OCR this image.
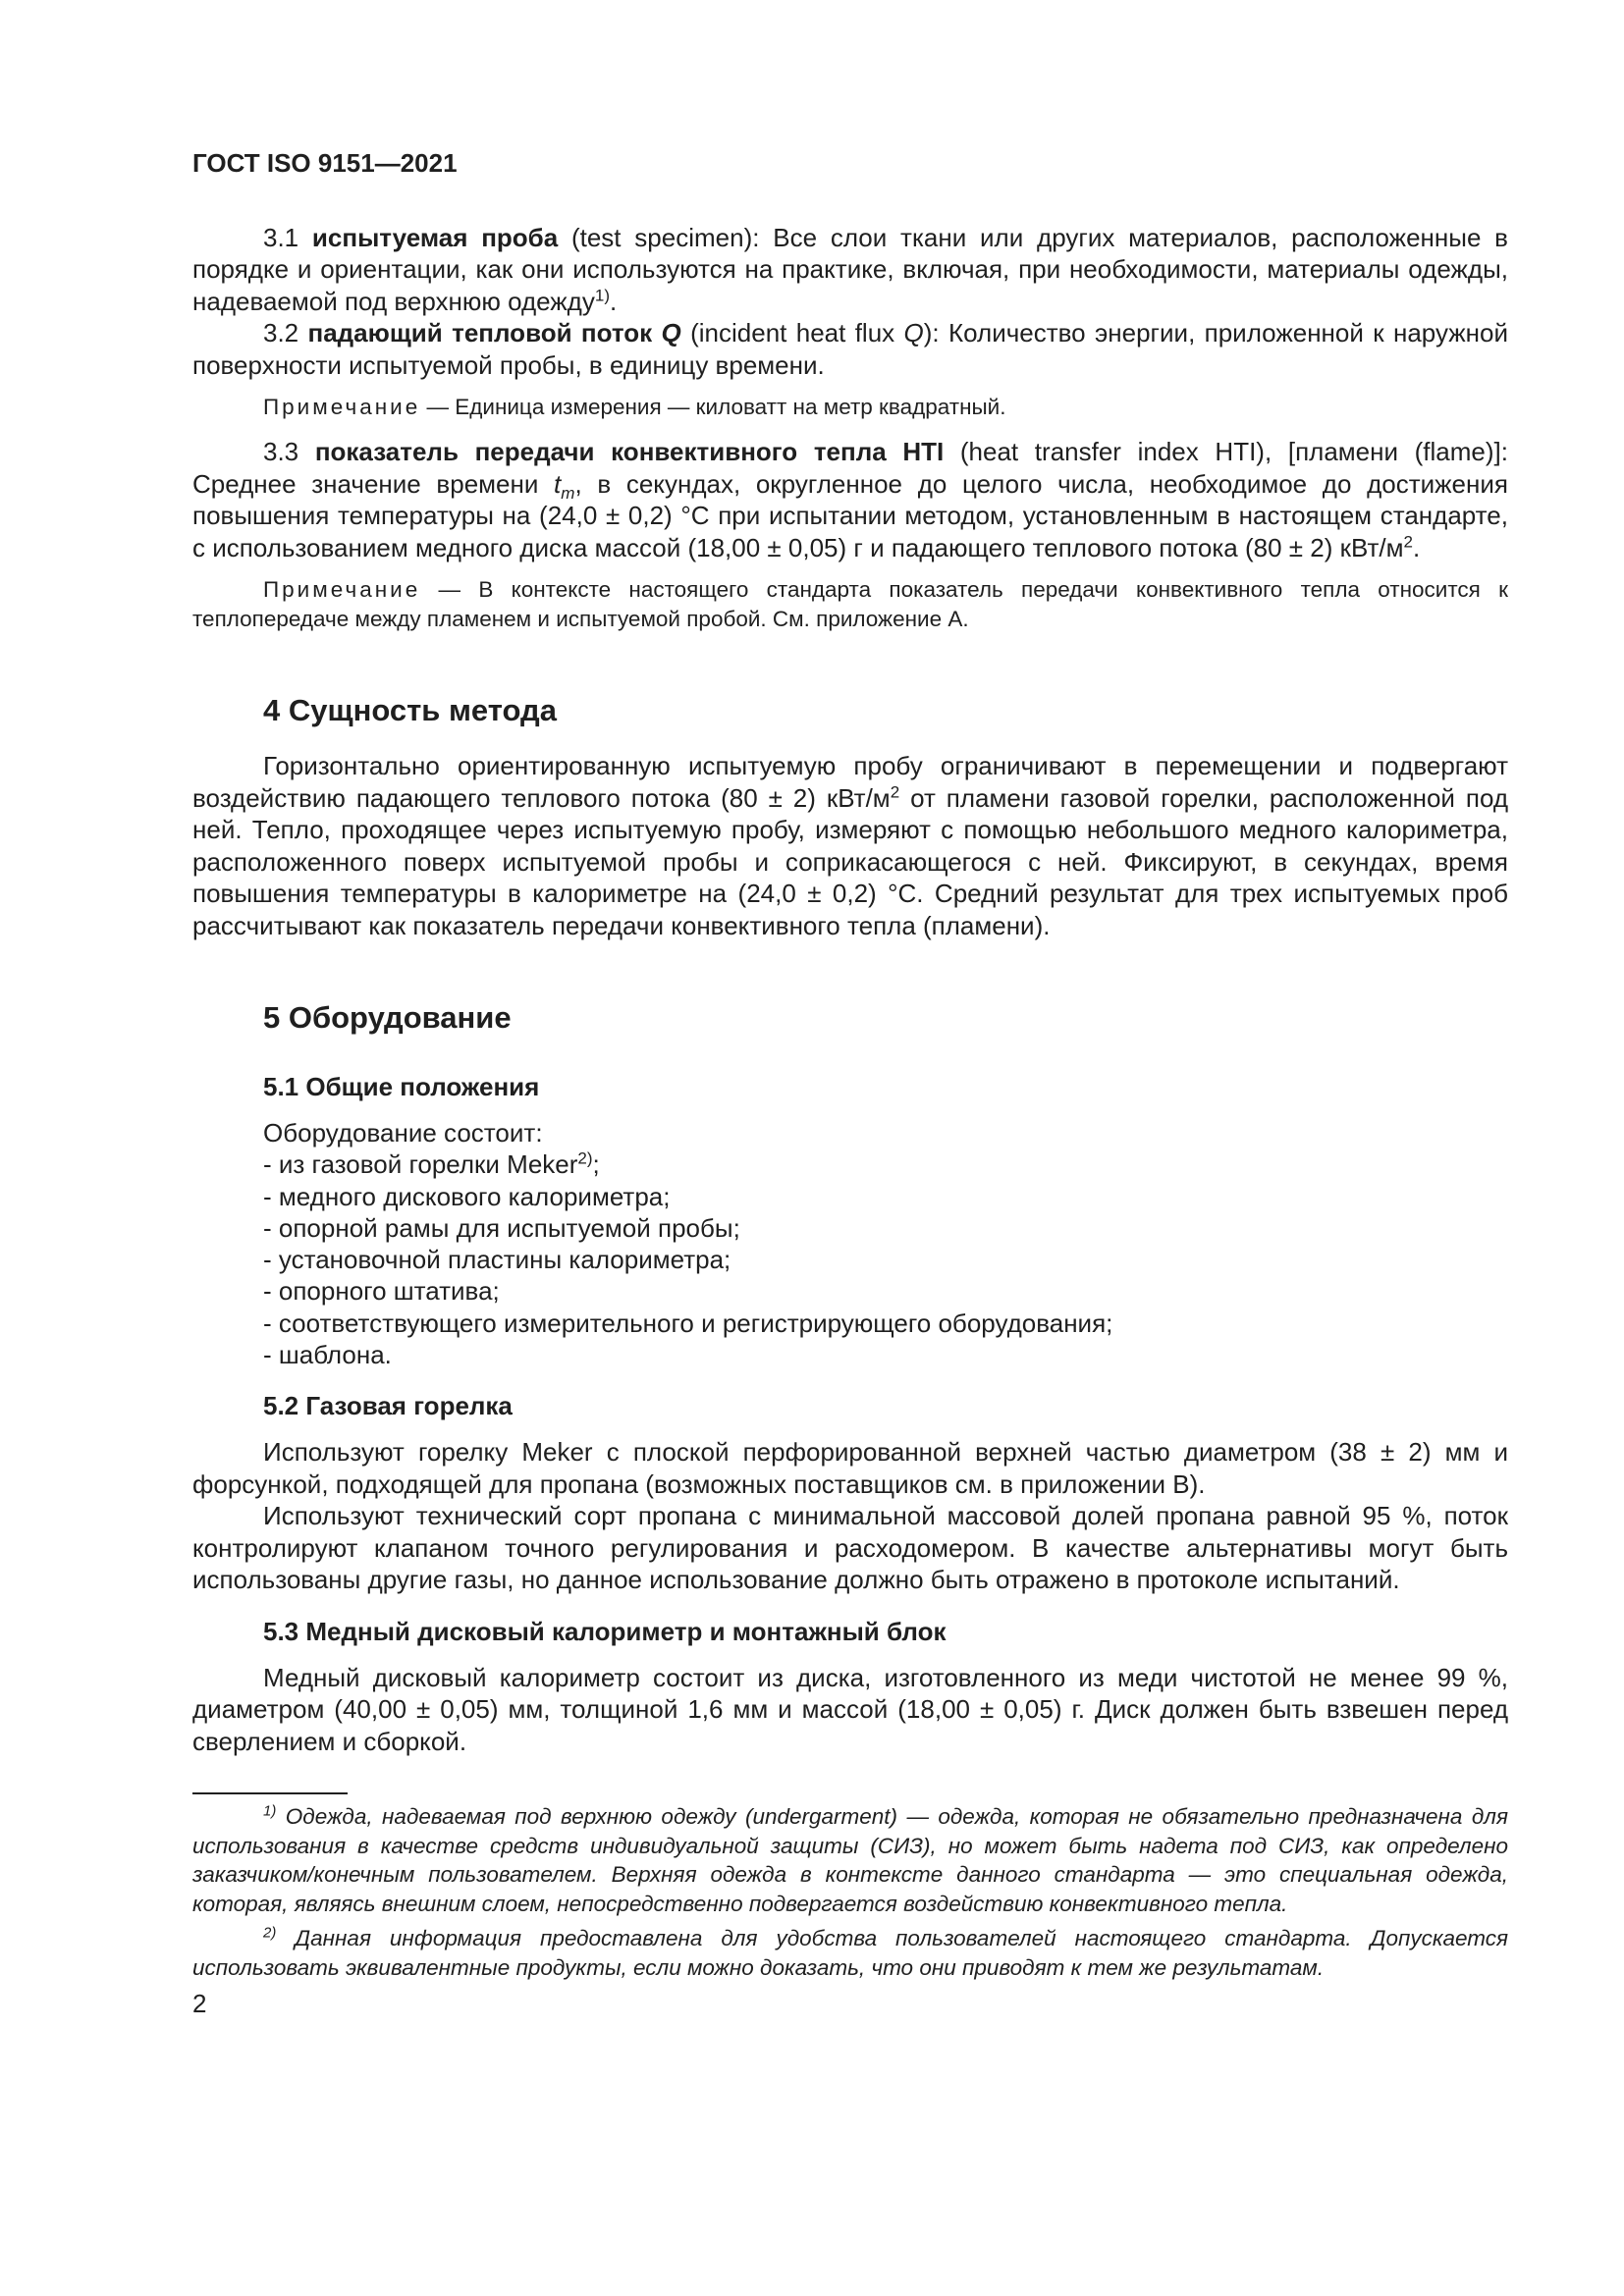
ГОСТ ISO 9151—2021

3.1 испытуемая проба (test specimen): Все слои ткани или других материалов, расположенные в порядке и ориентации, как они используются на практике, включая, при необходимости, материалы одежды, надеваемой под верхнюю одежду$^{1)}$.

3.2 падающий тепловой поток Q (incident heat flux Q): Количество энергии, приложенной к наружной поверхности испытуемой пробы, в единицу времени.

Примечание — Единица измерения — киловатт на метр квадратный.

3.3 показатель передачи конвективного тепла HTI (heat transfer index HTI), [пламени (flame)]: Среднее значение времени $t_m$, в секундах, округленное до целого числа, необходимое до достижения повышения температуры на (24,0 ± 0,2) °С при испытании методом, установленным в настоящем стандарте, с использованием медного диска массой (18,00 ± 0,05) г и падающего теплового потока (80 ± 2) кВт/$м^2$.

Примечание — В контексте настоящего стандарта показатель передачи конвективного тепла относится к теплопередаче между пламенем и испытуемой пробой. См. приложение А.

4 Сущность метода

Горизонтально ориентированную испытуемую пробу ограничивают в перемещении и подвергают воздействию падающего теплового потока (80 ± 2) кВт/$м^2$ от пламени газовой горелки, расположенной под ней. Тепло, проходящее через испытуемую пробу, измеряют с помощью небольшого медного калориметра, расположенного поверх испытуемой пробы и соприкасающегося с ней. Фиксируют, в секундах, время повышения температуры в калориметре на (24,0 ± 0,2) °С. Средний результат для трех испытуемых проб рассчитывают как показатель передачи конвективного тепла (пламени).

5 Оборудование
5.1 Общие положения
Оборудование состоит:
- из газовой горелки Meker$^{2)}$;
- медного дискового калориметра;
- опорной рамы для испытуемой пробы;
- установочной пластины калориметра;
- опорного штатива;
- соответствующего измерительного и регистрирующего оборудования;
- шаблона.
5.2 Газовая горелка

Используют горелку Meker с плоской перфорированной верхней частью диаметром (38 ± 2) мм и форсункой, подходящей для пропана (возможных поставщиков см. в приложении В).

Используют технический сорт пропана с минимальной массовой долей пропана равной 95 %, поток контролируют клапаном точного регулирования и расходомером. В качестве альтернативы могут быть использованы другие газы, но данное использование должно быть отражено в протоколе испытаний.

5.3 Медный дисковый калориметр и монтажный блок

Медный дисковый калориметр состоит из диска, изготовленного из меди чистотой не менее 99 %, диаметром (40,00 ± 0,05) мм, толщиной 1,6 мм и массой (18,00 ± 0,05) г. Диск должен быть взвешен перед сверлением и сборкой.

$^{1)}$ Одежда, надеваемая под верхнюю одежду (undergarment) — одежда, которая не обязательно предназначена для использования в качестве средств индивидуальной защиты (СИЗ), но может быть надета под СИЗ, как определено заказчиком/конечным пользователем. Верхняя одежда в контексте данного стандарта — это специальная одежда, которая, являясь внешним слоем, непосредственно подвергается воздействию конвективного тепла.

$^{2)}$ Данная информация предоставлена для удобства пользователей настоящего стандарта. Допускается использовать эквивалентные продукты, если можно доказать, что они приводят к тем же результатам.

2
